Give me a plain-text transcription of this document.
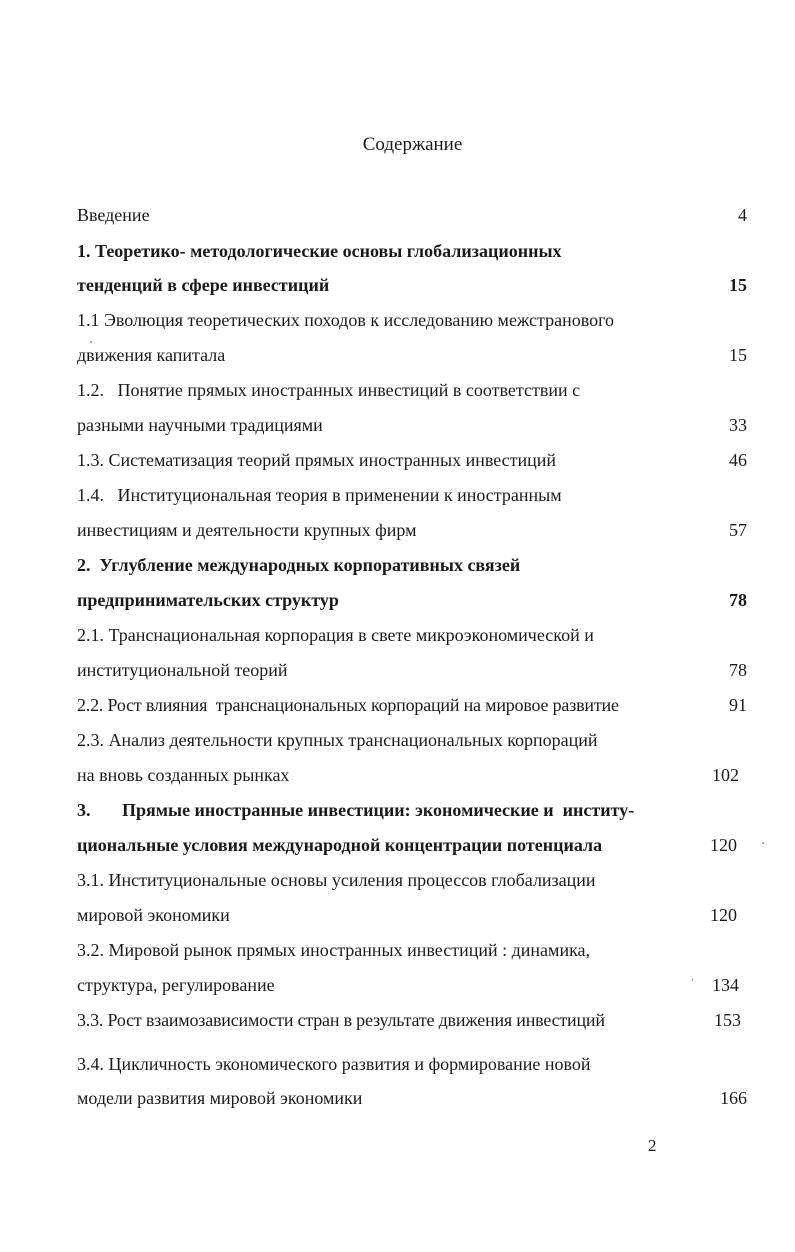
Содержание
Введение	4
1. Теоретико- методологические основы глобализационных
тенденций в сфере инвестиций	15
1.1 Эволюция теоретических походов к исследованию межстранового
движения капитала	15
1.2.   Понятие прямых иностранных инвестиций в соответствии с
разными научными традициями	33
1.3. Систематизация теорий прямых иностранных инвестиций	46
1.4.   Институциональная теория в применении к иностранным
инвестициям и деятельности крупных фирм	57
2.  Углубление международных корпоративных связей
предпринимательских структур	78
2.1. Транснациональная корпорация в свете микроэкономической и
институциональной теорий	78
2.2. Рост влияния  транснациональных корпораций на мировое развитие	91
2.3. Анализ деятельности крупных транснациональных корпораций
на вновь созданных рынках	102
3.       Прямые иностранные инвестиции: экономические и  институ-
циональные условия международной концентрации потенциала	120
3.1. Институциональные основы усиления процессов глобализации
мировой экономики	120
3.2. Мировой рынок прямых иностранных инвестиций : динамика,
структура, регулирование	134
3.3. Рост взаимозависимости стран в результате движения инвестиций	153
3.4. Цикличность экономического развития и формирование новой
модели развития мировой экономики	166
2
